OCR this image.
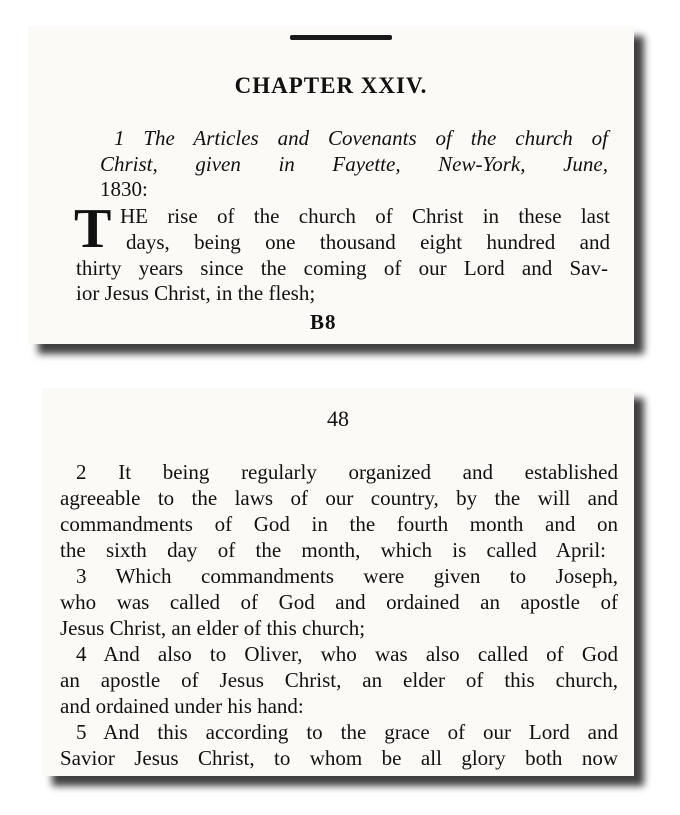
CHAPTER XXIV.
1 The Articles and Covenants of the church of
Christ, given in Fayette, New-York, June,
1830:
T HE rise of the church of Christ in these last
days, being one thousand eight hundred and
thirty years since the coming of our Lord and Sav-
ior Jesus Christ, in the flesh;
B8
48
2 It being regularly organized and established
agreeable to the laws of our country, by the will and
commandments of God in the fourth month and on
the sixth day of the month, which is called April:
3 Which commandments were given to Joseph,
who was called of God and ordained an apostle of
Jesus Christ, an elder of this church;
4 And also to Oliver, who was also called of God
an apostle of Jesus Christ, an elder of this church,
and ordained under his hand:
5 And this according to the grace of our Lord and
Savior Jesus Christ, to whom be all glory both now
